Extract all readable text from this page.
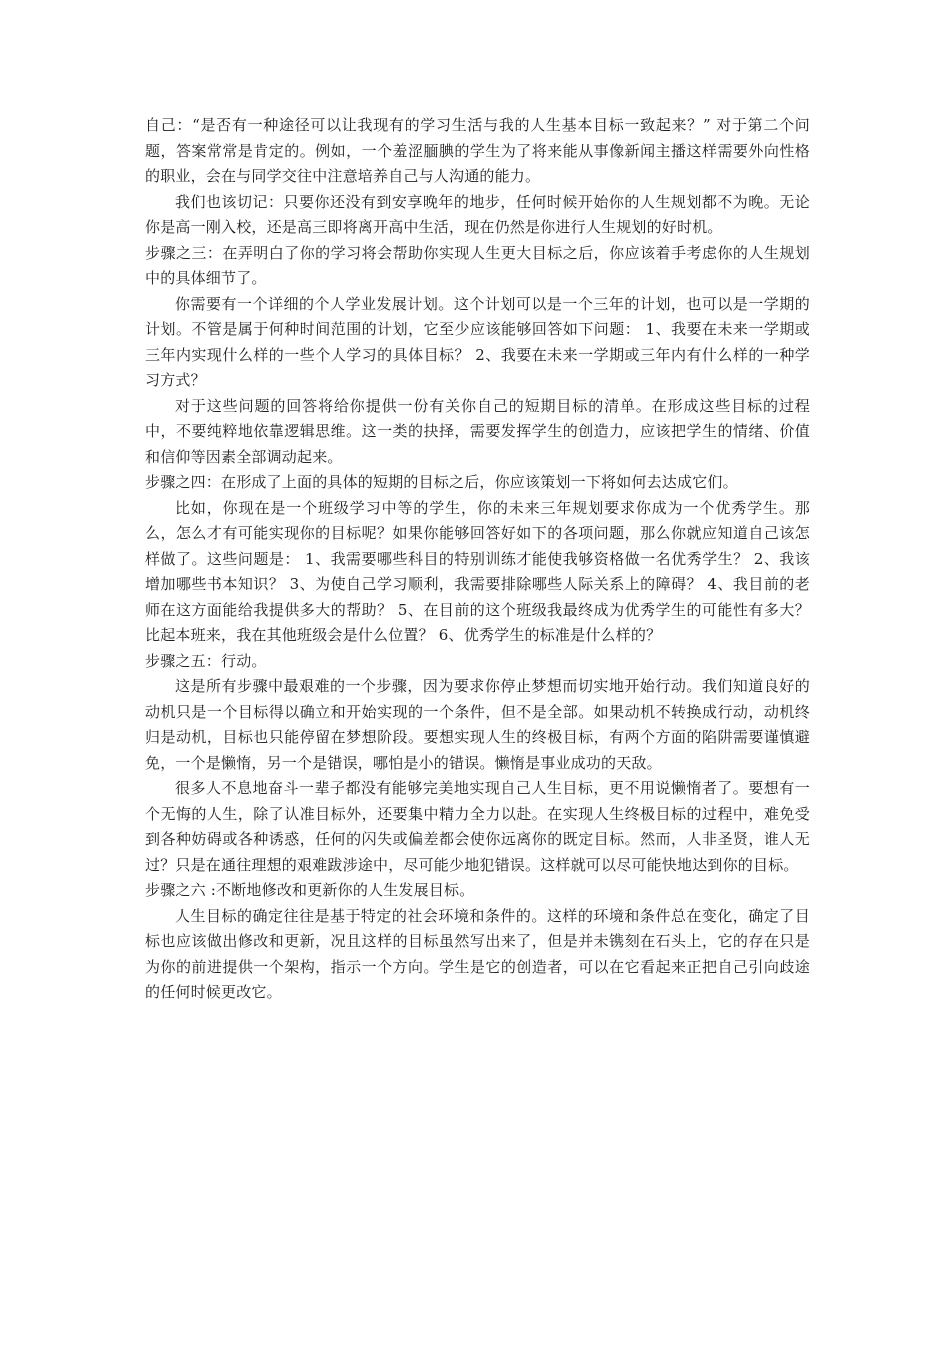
自己：“是否有一种途径可以让我现有的学习生活与我的人生基本目标一致起来？” 对于第二个问题，答案常常是肯定的。例如，一个羞涩腼腆的学生为了将来能从事像新闻主播这样需要外向性格的职业，会在与同学交往中注意培养自己与人沟通的能力。

我们也该切记：只要你还没有到安享晚年的地步，任何时候开始你的人生规划都不为晚。无论你是高一刚入校，还是高三即将离开高中生活，现在仍然是你进行人生规划的好时机。

步骤之三：在弄明白了你的学习将会帮助你实现人生更大目标之后，你应该着手考虑你的人生规划中的具体细节了。

你需要有一个详细的个人学业发展计划。这个计划可以是一个三年的计划，也可以是一学期的计划。不管是属于何种时间范围的计划，它至少应该能够回答如下问题： 1、我要在未来一学期或三年内实现什么样的一些个人学习的具体目标？ 2、我要在未来一学期或三年内有什么样的一种学习方式？

对于这些问题的回答将给你提供一份有关你自己的短期目标的清单。在形成这些目标的过程中，不要纯粹地依靠逻辑思维。这一类的抉择，需要发挥学生的创造力，应该把学生的情绪、价值和信仰等因素全部调动起来。

步骤之四：在形成了上面的具体的短期的目标之后，你应该策划一下将如何去达成它们。

比如，你现在是一个班级学习中等的学生，你的未来三年规划要求你成为一个优秀学生。那么，怎么才有可能实现你的目标呢？如果你能够回答好如下的各项问题，那么你就应知道自己该怎样做了。这些问题是： 1、我需要哪些科目的特别训练才能使我够资格做一名优秀学生？ 2、我该增加哪些书本知识？ 3、为使自己学习顺利，我需要排除哪些人际关系上的障碍？ 4、我目前的老师在这方面能给我提供多大的帮助？ 5、在目前的这个班级我最终成为优秀学生的可能性有多大？比起本班来，我在其他班级会是什么位置？ 6、优秀学生的标准是什么样的？

步骤之五：行动。

这是所有步骤中最艰难的一个步骤，因为要求你停止梦想而切实地开始行动。我们知道良好的动机只是一个目标得以确立和开始实现的一个条件，但不是全部。如果动机不转换成行动，动机终归是动机，目标也只能停留在梦想阶段。要想实现人生的终极目标，有两个方面的陷阱需要谨慎避免，一个是懒惰，另一个是错误，哪怕是小的错误。懒惰是事业成功的天敌。

很多人不息地奋斗一辈子都没有能够完美地实现自己人生目标，更不用说懒惰者了。要想有一个无悔的人生，除了认准目标外，还要集中精力全力以赴。在实现人生终极目标的过程中，难免受到各种妨碍或各种诱惑，任何的闪失或偏差都会使你远离你的既定目标。然而，人非圣贤，谁人无过？只是在通往理想的艰难跋涉途中，尽可能少地犯错误。这样就可以尽可能快地达到你的目标。

步骤之六 :不断地修改和更新你的人生发展目标。

人生目标的确定往往是基于特定的社会环境和条件的。这样的环境和条件总在变化，确定了目标也应该做出修改和更新，况且这样的目标虽然写出来了，但是并未镌刻在石头上，它的存在只是为你的前进提供一个架构，指示一个方向。学生是它的创造者，可以在它看起来正把自己引向歧途的任何时候更改它。
